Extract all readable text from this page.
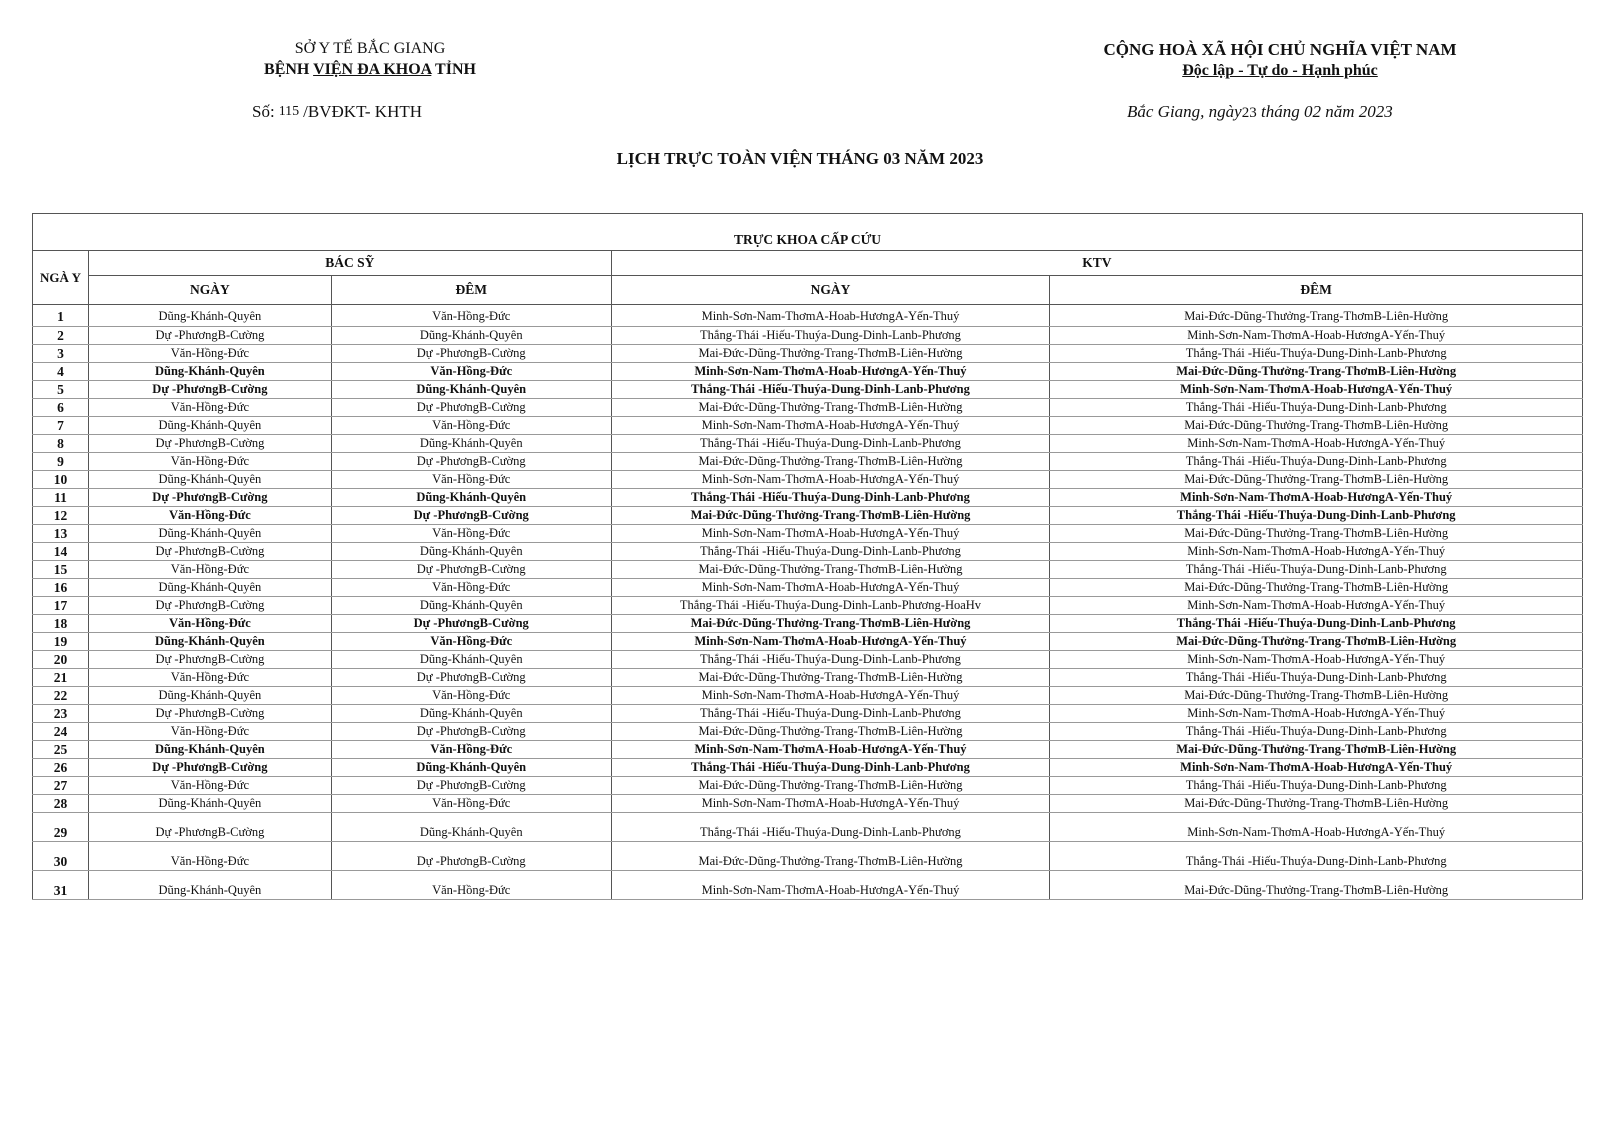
SỞ Y TẾ BẮC GIANG
BỆNH VIỆN ĐA KHOA TỈNH
CỘNG HOÀ XÃ HỘI CHỦ NGHĨA VIỆT NAM
Độc lập - Tự do - Hạnh phúc
Số: 115 /BVĐKT- KHTH	Bắc Giang, ngày23 tháng 02 năm 2023
LỊCH TRỰC TOÀN VIỆN THÁNG 03 NĂM 2023
TRỰC KHOA CẤP CỨU				
NGÀ Y	BÁC SỸ		KTV	
	NGÀY	ĐÊM	NGÀY	ĐÊM
1	Dũng-Khánh-Quyên	Văn-Hồng-Đức	Minh-Sơn-Nam-ThơmA-Hoab-HươngA-Yến-Thuý	Mai-Đức-Dũng-Thưởng-Trang-ThơmB-Liên-Hường
2	Dự -PhươngB-Cường	Dũng-Khánh-Quyên	Thắng-Thái -Hiếu-Thuýa-Dung-Dinh-Lanb-Phương	Minh-Sơn-Nam-ThơmA-Hoab-HươngA-Yến-Thuý
3	Văn-Hồng-Đức	Dự -PhươngB-Cường	Mai-Đức-Dũng-Thưởng-Trang-ThơmB-Liên-Hường	Thắng-Thái -Hiếu-Thuýa-Dung-Dinh-Lanb-Phương
4	Dũng-Khánh-Quyên	Văn-Hồng-Đức	Minh-Sơn-Nam-ThơmA-Hoab-HươngA-Yến-Thuý	Mai-Đức-Dũng-Thưởng-Trang-ThơmB-Liên-Hường
5	Dự -PhươngB-Cường	Dũng-Khánh-Quyên	Thắng-Thái -Hiếu-Thuýa-Dung-Dinh-Lanb-Phương	Minh-Sơn-Nam-ThơmA-Hoab-HươngA-Yến-Thuý
6	Văn-Hồng-Đức	Dự -PhươngB-Cường	Mai-Đức-Dũng-Thưởng-Trang-ThơmB-Liên-Hường	Thắng-Thái -Hiếu-Thuýa-Dung-Dinh-Lanb-Phương
7	Dũng-Khánh-Quyên	Văn-Hồng-Đức	Minh-Sơn-Nam-ThơmA-Hoab-HươngA-Yến-Thuý	Mai-Đức-Dũng-Thưởng-Trang-ThơmB-Liên-Hường
8	Dự -PhươngB-Cường	Dũng-Khánh-Quyên	Thắng-Thái -Hiếu-Thuýa-Dung-Dinh-Lanb-Phương	Minh-Sơn-Nam-ThơmA-Hoab-HươngA-Yến-Thuý
9	Văn-Hồng-Đức	Dự -PhươngB-Cường	Mai-Đức-Dũng-Thưởng-Trang-ThơmB-Liên-Hường	Thắng-Thái -Hiếu-Thuýa-Dung-Dinh-Lanb-Phương
10	Dũng-Khánh-Quyên	Văn-Hồng-Đức	Minh-Sơn-Nam-ThơmA-Hoab-HươngA-Yến-Thuý	Mai-Đức-Dũng-Thưởng-Trang-ThơmB-Liên-Hường
11	Dự -PhươngB-Cường	Dũng-Khánh-Quyên	Thắng-Thái -Hiếu-Thuýa-Dung-Dinh-Lanb-Phương	Minh-Sơn-Nam-ThơmA-Hoab-HươngA-Yến-Thuý
12	Văn-Hồng-Đức	Dự -PhươngB-Cường	Mai-Đức-Dũng-Thưởng-Trang-ThơmB-Liên-Hường	Thắng-Thái -Hiếu-Thuýa-Dung-Dinh-Lanb-Phương
13	Dũng-Khánh-Quyên	Văn-Hồng-Đức	Minh-Sơn-Nam-ThơmA-Hoab-HươngA-Yến-Thuý	Mai-Đức-Dũng-Thưởng-Trang-ThơmB-Liên-Hường
14	Dự -PhươngB-Cường	Dũng-Khánh-Quyên	Thắng-Thái -Hiếu-Thuýa-Dung-Dinh-Lanb-Phương	Minh-Sơn-Nam-ThơmA-Hoab-HươngA-Yến-Thuý
15	Văn-Hồng-Đức	Dự -PhươngB-Cường	Mai-Đức-Dũng-Thưởng-Trang-ThơmB-Liên-Hường	Thắng-Thái -Hiếu-Thuýa-Dung-Dinh-Lanb-Phương
16	Dũng-Khánh-Quyên	Văn-Hồng-Đức	Minh-Sơn-Nam-ThơmA-Hoab-HươngA-Yến-Thuý	Mai-Đức-Dũng-Thưởng-Trang-ThơmB-Liên-Hường
17	Dự -PhươngB-Cường	Dũng-Khánh-Quyên	Thắng-Thái -Hiếu-Thuýa-Dung-Dinh-Lanb-Phương-HoaHv	Minh-Sơn-Nam-ThơmA-Hoab-HươngA-Yến-Thuý
18	Văn-Hồng-Đức	Dự -PhươngB-Cường	Mai-Đức-Dũng-Thưởng-Trang-ThơmB-Liên-Hường	Thắng-Thái -Hiếu-Thuýa-Dung-Dinh-Lanb-Phương
19	Dũng-Khánh-Quyên	Văn-Hồng-Đức	Minh-Sơn-Nam-ThơmA-Hoab-HươngA-Yến-Thuý	Mai-Đức-Dũng-Thưởng-Trang-ThơmB-Liên-Hường
20	Dự -PhươngB-Cường	Dũng-Khánh-Quyên	Thắng-Thái -Hiếu-Thuýa-Dung-Dinh-Lanb-Phương	Minh-Sơn-Nam-ThơmA-Hoab-HươngA-Yến-Thuý
21	Văn-Hồng-Đức	Dự -PhươngB-Cường	Mai-Đức-Dũng-Thưởng-Trang-ThơmB-Liên-Hường	Thắng-Thái -Hiếu-Thuýa-Dung-Dinh-Lanb-Phương
22	Dũng-Khánh-Quyên	Văn-Hồng-Đức	Minh-Sơn-Nam-ThơmA-Hoab-HươngA-Yến-Thuý	Mai-Đức-Dũng-Thưởng-Trang-ThơmB-Liên-Hường
23	Dự -PhươngB-Cường	Dũng-Khánh-Quyên	Thắng-Thái -Hiếu-Thuýa-Dung-Dinh-Lanb-Phương	Minh-Sơn-Nam-ThơmA-Hoab-HươngA-Yến-Thuý
24	Văn-Hồng-Đức	Dự -PhươngB-Cường	Mai-Đức-Dũng-Thưởng-Trang-ThơmB-Liên-Hường	Thắng-Thái -Hiếu-Thuýa-Dung-Dinh-Lanb-Phương
25	Dũng-Khánh-Quyên	Văn-Hồng-Đức	Minh-Sơn-Nam-ThơmA-Hoab-HươngA-Yến-Thuý	Mai-Đức-Dũng-Thưởng-Trang-ThơmB-Liên-Hường
26	Dự -PhươngB-Cường	Dũng-Khánh-Quyên	Thắng-Thái -Hiếu-Thuýa-Dung-Dinh-Lanb-Phương	Minh-Sơn-Nam-ThơmA-Hoab-HươngA-Yến-Thuý
27	Văn-Hồng-Đức	Dự -PhươngB-Cường	Mai-Đức-Dũng-Thưởng-Trang-ThơmB-Liên-Hường	Thắng-Thái -Hiếu-Thuýa-Dung-Dinh-Lanb-Phương
28	Dũng-Khánh-Quyên	Văn-Hồng-Đức	Minh-Sơn-Nam-ThơmA-Hoab-HươngA-Yến-Thuý	Mai-Đức-Dũng-Thưởng-Trang-ThơmB-Liên-Hường
29	Dự -PhươngB-Cường	Dũng-Khánh-Quyên	Thắng-Thái -Hiếu-Thuýa-Dung-Dinh-Lanb-Phương	Minh-Sơn-Nam-ThơmA-Hoab-HươngA-Yến-Thuý
30	Văn-Hồng-Đức	Dự -PhươngB-Cường	Mai-Đức-Dũng-Thưởng-Trang-ThơmB-Liên-Hường	Thắng-Thái -Hiếu-Thuýa-Dung-Dinh-Lanb-Phương
31	Dũng-Khánh-Quyên	Văn-Hồng-Đức	Minh-Sơn-Nam-ThơmA-Hoab-HươngA-Yến-Thuý	Mai-Đức-Dũng-Thưởng-Trang-ThơmB-Liên-Hường
